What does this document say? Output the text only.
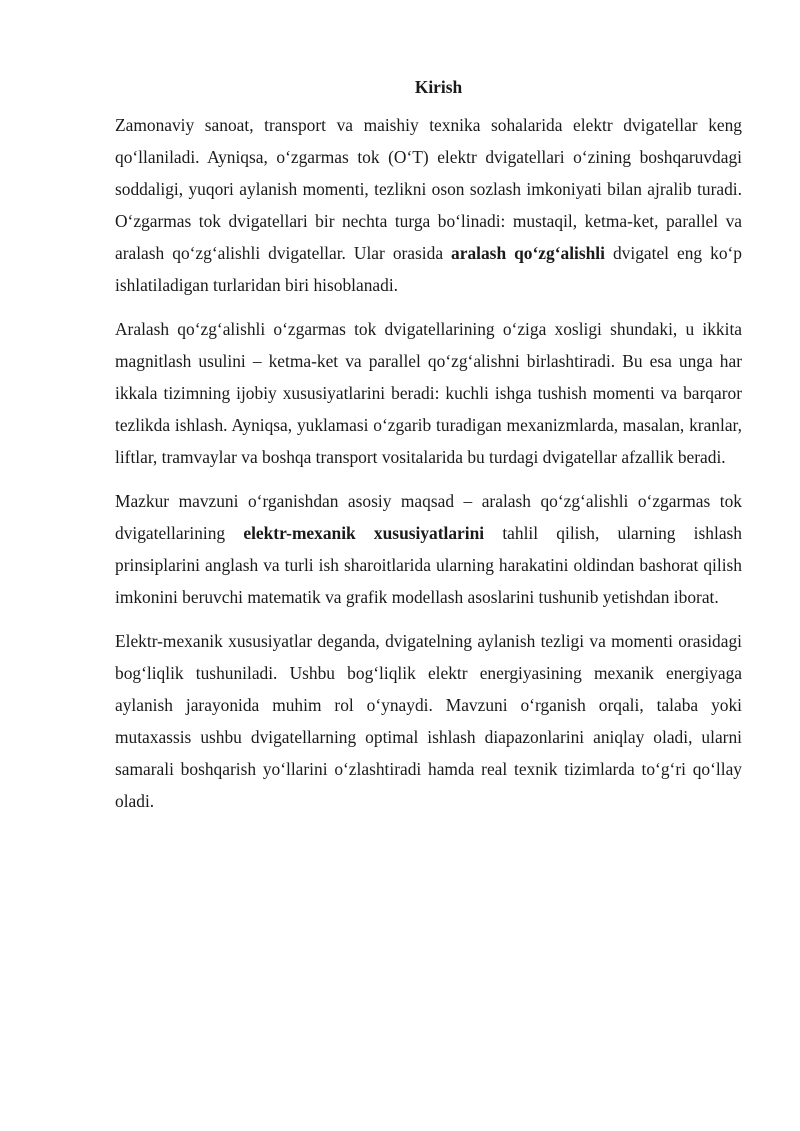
Kirish

Zamonaviy sanoat, transport va maishiy texnika sohalarida elektr dvigatellar keng qo‘llaniladi. Ayniqsa, o‘zgarmas tok (O‘T) elektr dvigatellari o‘zining boshqaruvdagi soddaligi, yuqori aylanish momenti, tezlikni oson sozlash imkoniyati bilan ajralib turadi. O‘zgarmas tok dvigatellari bir nechta turga bo‘linadi: mustaqil, ketma-ket, parallel va aralash qo‘zg‘alishli dvigatellar. Ular orasida aralash qo‘zg‘alishli dvigatel eng ko‘p ishlatiladigan turlaridan biri hisoblanadi.

Aralash qo‘zg‘alishli o‘zgarmas tok dvigatellarining o‘ziga xosligi shundaki, u ikkita magnitlash usulini – ketma-ket va parallel qo‘zg‘alishni birlashtiradi. Bu esa unga har ikkala tizimning ijobiy xususiyatlarini beradi: kuchli ishga tushish momenti va barqaror tezlikda ishlash. Ayniqsa, yuklamasi o‘zgarib turadigan mexanizmlarda, masalan, kranlar, liftlar, tramvaylar va boshqa transport vositalarida bu turdagi dvigatellar afzallik beradi.

Mazkur mavzuni o‘rganishdan asosiy maqsad – aralash qo‘zg‘alishli o‘zgarmas tok dvigatellarining elektr-mexanik xususiyatlarini tahlil qilish, ularning ishlash prinsiplarini anglash va turli ish sharoitlarida ularning harakatini oldindan bashorat qilish imkonini beruvchi matematik va grafik modellash asoslarini tushunib yetishdan iborat.

Elektr-mexanik xususiyatlar deganda, dvigatelning aylanish tezligi va momenti orasidagi bog‘liqlik tushuniladi. Ushbu bog‘liqlik elektr energiyasining mexanik energiyaga aylanish jarayonida muhim rol o‘ynaydi. Mavzuni o‘rganish orqali, talaba yoki mutaxassis ushbu dvigatellarning optimal ishlash diapazonlarini aniqlay oladi, ularni samarali boshqarish yo‘llarini o‘zlashtiradi hamda real texnik tizimlarda to‘g‘ri qo‘llay oladi.
